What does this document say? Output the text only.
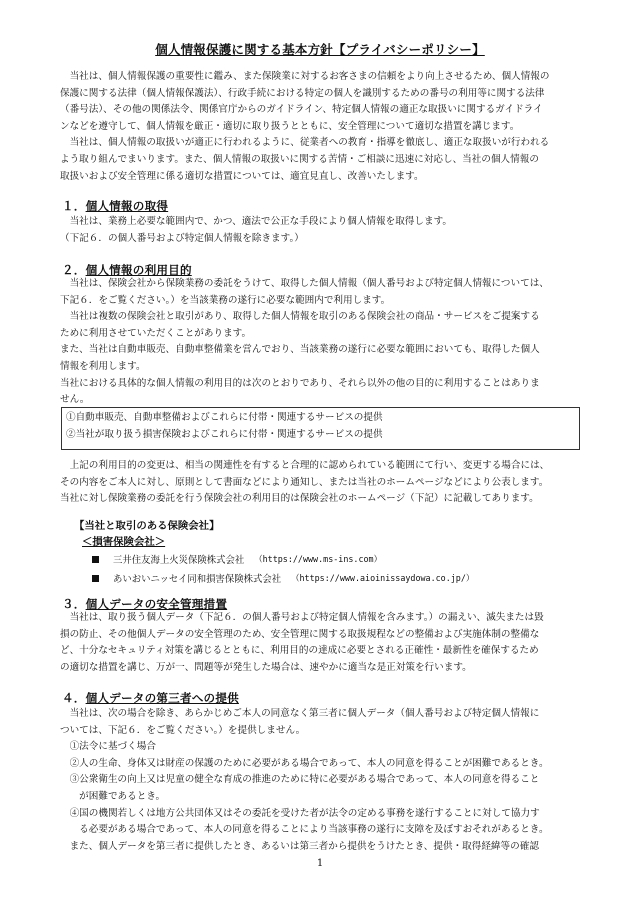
個人情報保護に関する基本方針【プライバシーポリシー】
　当社は、個人情報保護の重要性に鑑み、また保険業に対するお客さまの信頼をより向上させるため、個人情報の
保護に関する法律（個人情報保護法）、行政手続における特定の個人を識別するための番号の利用等に関する法律
（番号法）、その他の関係法令、関係官庁からのガイドライン、特定個人情報の適正な取扱いに関するガイドライ
ンなどを遵守して、個人情報を厳正・適切に取り扱うとともに、安全管理について適切な措置を講じます。
　当社は、個人情報の取扱いが適正に行われるように、従業者への教育・指導を徹底し、適正な取扱いが行われる
よう取り組んでまいります。また、個人情報の取扱いに関する苦情・ご相談に迅速に対応し、当社の個人情報の
取扱いおよび安全管理に係る適切な措置については、適宜見直し、改善いたします。
１．個人情報の取得
　当社は、業務上必要な範囲内で、かつ、適法で公正な手段により個人情報を取得します。
（下記６．の個人番号および特定個人情報を除きます。）
２．個人情報の利用目的
　当社は、保険会社から保険業務の委託をうけて、取得した個人情報（個人番号および特定個人情報については、
下記６．をご覧ください。）を当該業務の遂行に必要な範囲内で利用します。
　当社は複数の保険会社と取引があり、取得した個人情報を取引のある保険会社の商品・サービスをご提案する
ために利用させていただくことがあります。
また、当社は自動車販売、自動車整備業を営んでおり、当該業務の遂行に必要な範囲においても、取得した個人
情報を利用します。
当社における具体的な個人情報の利用目的は次のとおりであり、それら以外の他の目的に利用することはありま
せん。
①自動車販売、自動車整備およびこれらに付帯・関連するサービスの提供
②当社が取り扱う損害保険およびこれらに付帯・関連するサービスの提供
　上記の利用目的の変更は、相当の関連性を有すると合理的に認められている範囲にて行い、変更する場合には、
その内容をご本人に対し、原則として書面などにより通知し、または当社のホームページなどにより公表します。
当社に対し保険業務の委託を行う保険会社の利用目的は保険会社のホームページ（下記）に記載してあります。
【当社と取引のある保険会社】
＜損害保険会社＞
三井住友海上火災保険株式会社 （https://www.ms-ins.com）
あいおいニッセイ同和損害保険株式会社 （https://www.aioinissaydowa.co.jp/）
３．個人データの安全管理措置
　当社は、取り扱う個人データ（下記６．の個人番号および特定個人情報を含みます。）の漏えい、滅失または毀
損の防止、その他個人データの安全管理のため、安全管理に関する取扱規程などの整備および実施体制の整備な
ど、十分なセキュリティ対策を講じるとともに、利用目的の達成に必要とされる正確性・最新性を確保するため
の適切な措置を講じ、万が一、問題等が発生した場合は、速やかに適当な是正対策を行います。
４．個人データの第三者への提供
　当社は、次の場合を除き、あらかじめご本人の同意なく第三者に個人データ（個人番号および特定個人情報に
ついては、下記６．をご覧ください。）を提供しません。
　①法令に基づく場合
　②人の生命、身体又は財産の保護のために必要がある場合であって、本人の同意を得ることが困難であるとき。
　③公衆衛生の向上又は児童の健全な育成の推進のために特に必要がある場合であって、本人の同意を得ること
　　が困難であるとき。
　④国の機関若しくは地方公共団体又はその委託を受けた者が法令の定める事務を遂行することに対して協力す
　　る必要がある場合であって、本人の同意を得ることにより当該事務の遂行に支障を及ぼすおそれがあるとき。
　また、個人データを第三者に提供したとき、あるいは第三者から提供をうけたとき、提供・取得経緯等の確認
1
